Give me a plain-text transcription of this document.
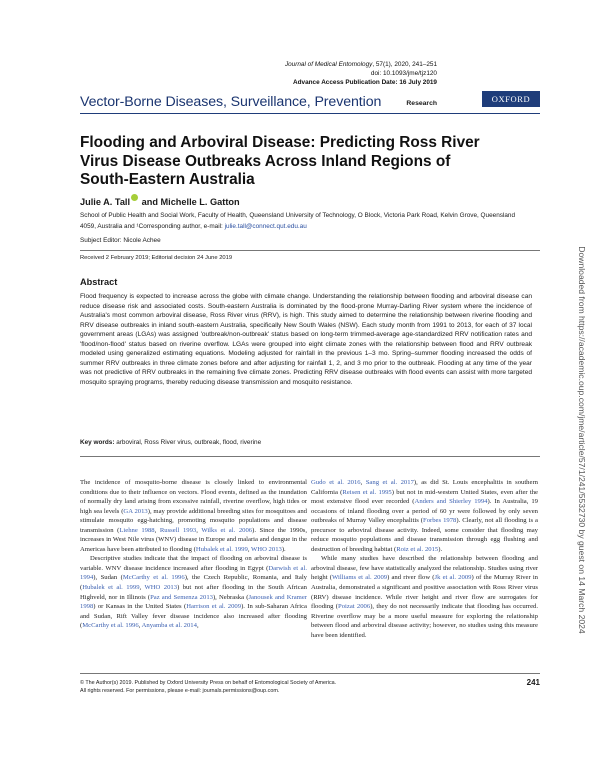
Journal of Medical Entomology, 57(1), 2020, 241–251
doi: 10.1093/jme/tjz120
Advance Access Publication Date: 16 July 2019
Research	OXFORD
Vector-Borne Diseases, Surveillance, Prevention
Flooding and Arboviral Disease: Predicting Ross River Virus Disease Outbreaks Across Inland Regions of South-Eastern Australia
Julie A. Tall and Michelle L. Gatton
School of Public Health and Social Work, Faculty of Health, Queensland University of Technology, O Block, Victoria Park Road, Kelvin Grove, Queensland 4059, Australia and ¹Corresponding author, e-mail: julie.tall@connect.qut.edu.au
Subject Editor: Nicole Achee
Received 2 February 2019; Editorial decision 24 June 2019
Abstract
Flood frequency is expected to increase across the globe with climate change. Understanding the relationship between flooding and arboviral disease can reduce disease risk and associated costs. South-eastern Australia is dominated by the flood-prone Murray-Darling River system where the incidence of Australia's most common arboviral disease, Ross River virus (RRV), is high. This study aimed to determine the relationship between riverine flooding and RRV disease outbreaks in inland south-eastern Australia, specifically New South Wales (NSW). Each study month from 1991 to 2013, for each of 37 local government areas (LGAs) was assigned 'outbreak/non-outbreak' status based on long-term trimmed-average age-standardized RRV notification rates and 'flood/non-flood' status based on riverine overflow. LGAs were grouped into eight climate zones with the relationship between flood and RRV outbreak modeled using generalized estimating equations. Modeling adjusted for rainfall in the previous 1–3 mo. Spring–summer flooding increased the odds of summer RRV outbreaks in three climate zones before and after adjusting for rainfall 1, 2, and 3 mo prior to the outbreak. Flooding at any time of the year was not predictive of RRV outbreaks in the remaining five climate zones. Predicting RRV disease outbreaks with flood events can assist with more targeted mosquito spraying programs, thereby reducing disease transmission and mosquito resistance.
Key words: arboviral, Ross River virus, outbreak, flood, riverine

The incidence of mosquito-borne disease is closely linked to environmental conditions due to their influence on vectors. Flood events, defined as the inundation of normally dry land arising from excessive rainfall, riverine overflow, high tides or high sea levels (GA 2013), may provide additional breeding sites for mosquitoes and stimulate mosquito egg-hatching, promoting mosquito populations and disease transmission (Liehne 1988, Russell 1993, Wilks et al. 2006). Since the 1990s, increases in West Nile virus (WNV) disease in Europe and malaria and dengue in the Americas have been attributed to flooding (Hubalek et al. 1999, WHO 2013).

Descriptive studies indicate that the impact of flooding on arboviral disease is variable. WNV disease incidence increased after flooding in Egypt (Darwish et al. 1994), Sudan (McCarthy et al. 1996), the Czech Republic, Romania, and Italy (Hubalek et al. 1999, WHO 2013) but not after flooding in the South African Highveld, nor in Illinois (Paz and Semenza 2013), Nebraska (Janousek and Kramer 1998) or Kansas in the United States (Harrison et al. 2009). In sub-Saharan Africa and Sudan, Rift Valley fever disease incidence also increased after flooding (McCarthy et al. 1996, Anyamba et al. 2014,

Gudo et al. 2016, Sang et al. 2017), as did St. Louis encephalitis in southern California (Reisen et al. 1995) but not in mid-western United States, even after the most extensive flood ever recorded (Anders and Shierley 1994). In Australia, 19 occasions of inland flooding over a period of 60 yr were followed by only seven outbreaks of Murray Valley encephalitis (Forbes 1978). Clearly, not all flooding is a precursor to arboviral disease activity. Indeed, some consider that flooding may reduce mosquito populations and disease transmission through egg flushing and destruction of breeding habitat (Roiz et al. 2015).

While many studies have described the relationship between flooding and arboviral disease, few have statistically analyzed the relationship. Studies using river height (Williams et al. 2009) and river flow (Jk et al. 2009) of the Murray River in Australia, demonstrated a significant and positive association with Ross River virus (RRV) disease incidence. While river height and river flow are surrogates for flooding (Poizat 2006), they do not necessarily indicate that flooding has occurred. Riverine overflow may be a more useful measure for exploring the relationship between flood and arboviral disease activity; however, no studies using this measure have been identified.

© The Author(s) 2019. Published by Oxford University Press on behalf of Entomological Society of America.
All rights reserved. For permissions, please e-mail: journals.permissions@oup.com.
241
Downloaded from https://academic.oup.com/jme/article/57/1/241/5532730 by guest on 14 March 2024
